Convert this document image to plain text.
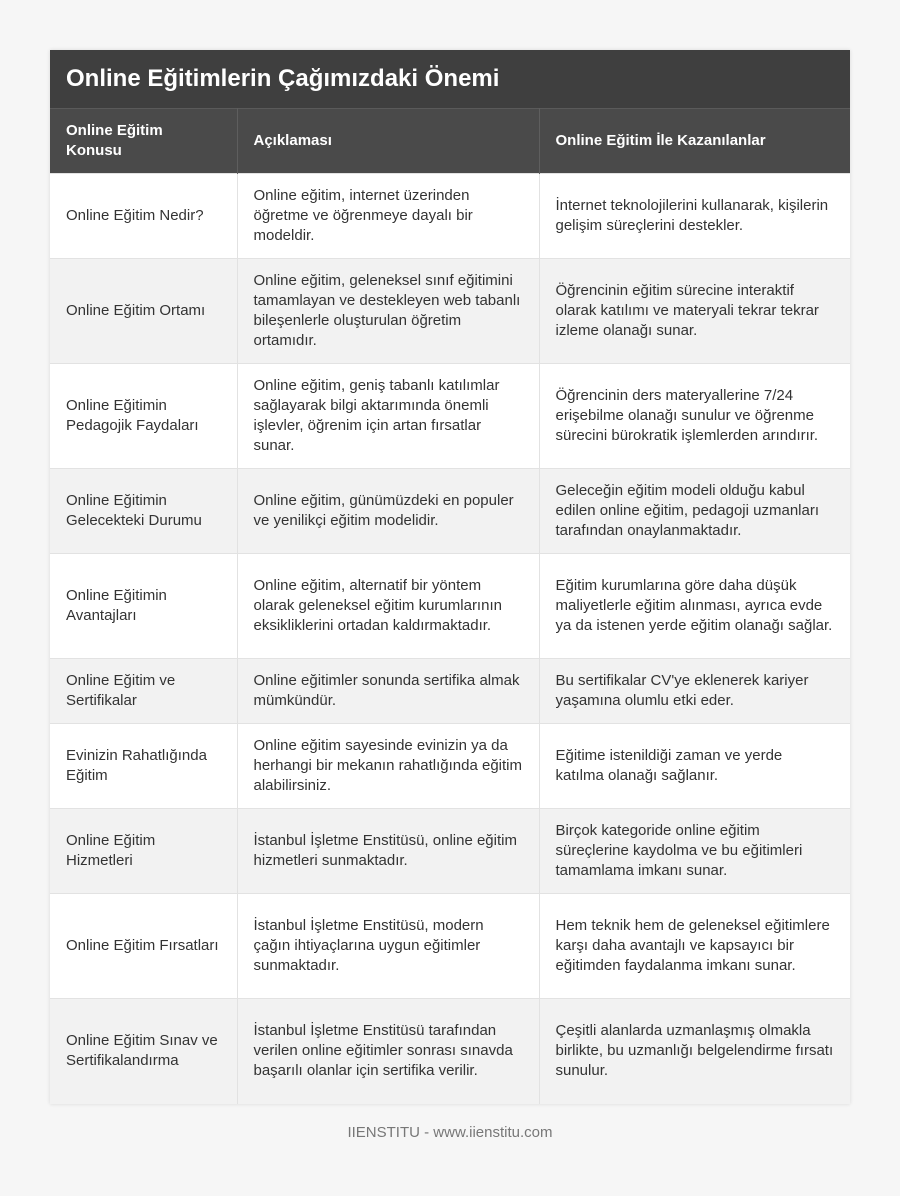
Online Eğitimlerin Çağımızdaki Önemi
Online Eğitim Konusu	Açıklaması	Online Eğitim İle Kazanılanlar
Online Eğitim Nedir?	Online eğitim, internet üzerinden öğretme ve öğrenmeye dayalı bir modeldir.	İnternet teknolojilerini kullanarak, kişilerin gelişim süreçlerini destekler.
Online Eğitim Ortamı	Online eğitim, geleneksel sınıf eğitimini tamamlayan ve destekleyen web tabanlı bileşenlerle oluşturulan öğretim ortamıdır.	Öğrencinin eğitim sürecine interaktif olarak katılımı ve materyali tekrar tekrar izleme olanağı sunar.
Online Eğitimin Pedagojik Faydaları	Online eğitim, geniş tabanlı katılımlar sağlayarak bilgi aktarımında önemli işlevler, öğrenim için artan fırsatlar sunar.	Öğrencinin ders materyallerine 7/24 erişebilme olanağı sunulur ve öğrenme sürecini bürokratik işlemlerden arındırır.
Online Eğitimin Gelecekteki Durumu	Online eğitim, günümüzdeki en populer ve yenilikçi eğitim modelidir.	Geleceğin eğitim modeli olduğu kabul edilen online eğitim, pedagoji uzmanları tarafından onaylanmaktadır.
Online Eğitimin Avantajları	Online eğitim, alternatif bir yöntem olarak geleneksel eğitim kurumlarının eksikliklerini ortadan kaldırmaktadır.	Eğitim kurumlarına göre daha düşük maliyetlerle eğitim alınması, ayrıca evde ya da istenen yerde eğitim olanağı sağlar.
Online Eğitim ve Sertifikalar	Online eğitimler sonunda sertifika almak mümkündür.	Bu sertifikalar CV'ye eklenerek kariyer yaşamına olumlu etki eder.
Evinizin Rahatlığında Eğitim	Online eğitim sayesinde evinizin ya da herhangi bir mekanın rahatlığında eğitim alabilirsiniz.	Eğitime istenildiği zaman ve yerde katılma olanağı sağlanır.
Online Eğitim Hizmetleri	İstanbul İşletme Enstitüsü, online eğitim hizmetleri sunmaktadır.	Birçok kategoride online eğitim süreçlerine kaydolma ve bu eğitimleri tamamlama imkanı sunar.
Online Eğitim Fırsatları	İstanbul İşletme Enstitüsü, modern çağın ihtiyaçlarına uygun eğitimler sunmaktadır.	Hem teknik hem de geleneksel eğitimlere karşı daha avantajlı ve kapsayıcı bir eğitimden faydalanma imkanı sunar.
Online Eğitim Sınav ve Sertifikalandırma	İstanbul İşletme Enstitüsü tarafından verilen online eğitimler sonrası sınavda başarılı olanlar için sertifika verilir.	Çeşitli alanlarda uzmanlaşmış olmakla birlikte, bu uzmanlığı belgelendirme fırsatı sunulur.
IIENSTITU - www.iienstitu.com
